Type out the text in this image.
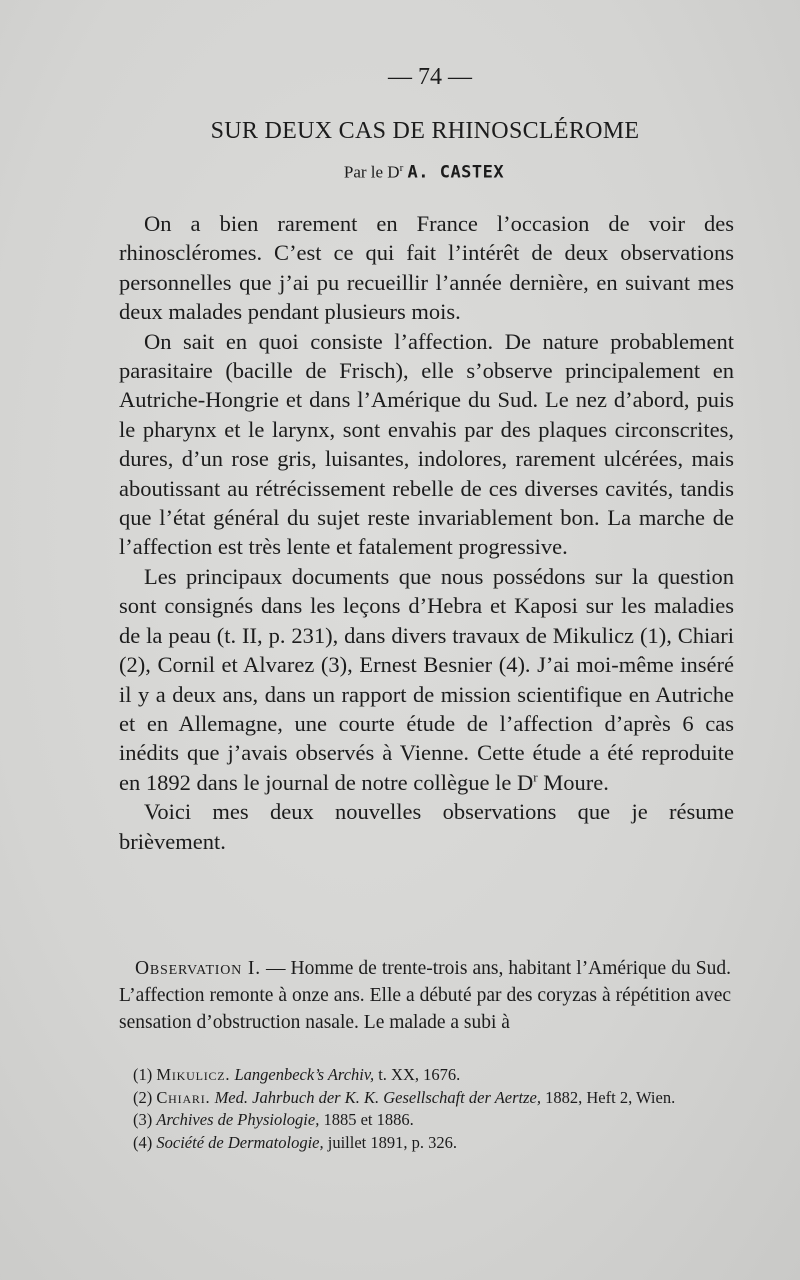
— 74 —
SUR DEUX CAS DE RHINOSCLÉROME
Par le $D^r$ A. CASTEX

On a bien rarement en France l’occasion de voir des rhinoscléromes. C’est ce qui fait l’intérêt de deux observations personnelles que j’ai pu recueillir l’année dernière, en suivant mes deux malades pendant plusieurs mois.

On sait en quoi consiste l’affection. De nature probablement parasitaire (bacille de Frisch), elle s’observe principalement en Autriche-Hongrie et dans l’Amérique du Sud. Le nez d’abord, puis le pharynx et le larynx, sont envahis par des plaques circonscrites, dures, d’un rose gris, luisantes, indolores, rarement ulcérées, mais aboutissant au rétrécissement rebelle de ces diverses cavités, tandis que l’état général du sujet reste invariablement bon. La marche de l’affection est très lente et fatalement progressive.

Les principaux documents que nous possédons sur la question sont consignés dans les leçons d’Hebra et Kaposi sur les maladies de la peau (t. II, p. 231), dans divers travaux de Mikulicz (1), Chiari (2), Cornil et Alvarez (3), Ernest Besnier (4). J’ai moi-même inséré il y a deux ans, dans un rapport de mission scientifique en Autriche et en Allemagne, une courte étude de l’affection d’après 6 cas inédits que j’avais observés à Vienne. Cette étude a été reproduite en 1892 dans le journal de notre collègue le $D^r$ Moure.

Voici mes deux nouvelles observations que je résume brièvement.

Observation I. — Homme de trente-trois ans, habitant l’Amérique du Sud. L’affection remonte à onze ans. Elle a débuté par des coryzas à répétition avec sensation d’obstruction nasale. Le malade a subi à

(1) Mikulicz. Langenbeck’s Archiv, t. XX, 1676.
(2) Chiari. Med. Jahrbuch der K. K. Gesellschaft der Aertze, 1882, Heft 2, Wien.
(3) Archives de Physiologie, 1885 et 1886.
(4) Société de Dermatologie, juillet 1891, p. 326.
